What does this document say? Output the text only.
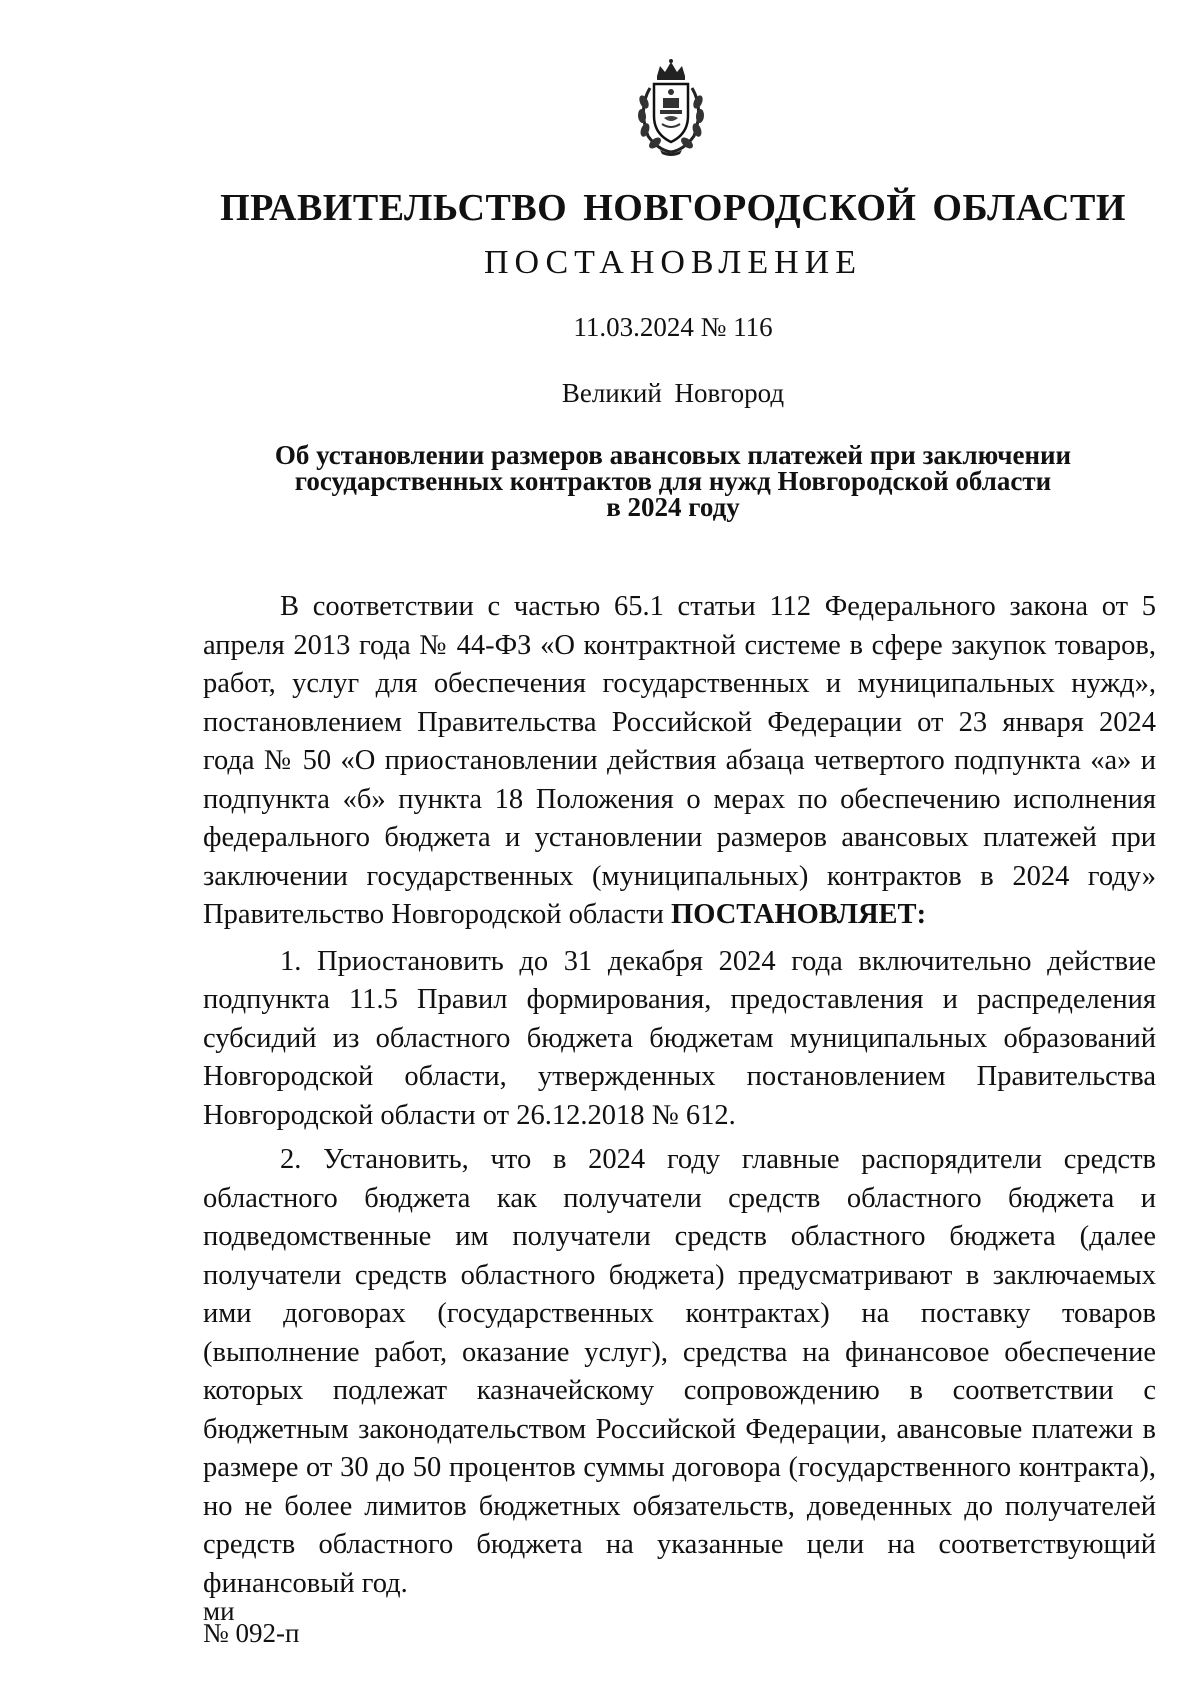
ПРАВИТЕЛЬСТВО НОВГОРОДСКОЙ ОБЛАСТИ
ПОСТАНОВЛЕНИЕ
11.03.2024 № 116
Великий Новгород
Об установлении размеров авансовых платежей при заключении
государственных контрактов для нужд Новгородской области
в 2024 году

В соответствии с частью 65.1 статьи 112 Федерального закона от 5 апреля 2013 года № 44-ФЗ «О контрактной системе в сфере закупок товаров, работ, услуг для обеспечения государственных и муниципальных нужд», постановлением Правительства Российской Федерации от 23 января 2024 года № 50 «О приостановлении действия абзаца четвертого подпункта «а» и подпункта «б» пункта 18 Положения о мерах по обеспечению исполнения федерального бюджета и установлении размеров авансовых платежей при заключении государственных (муниципальных) контрактов в 2024 году» Правительство Новгородской области ПОСТАНОВЛЯЕТ:

1. Приостановить до 31 декабря 2024 года включительно действие подпункта 11.5 Правил формирования, предоставления и распределения субсидий из областного бюджета бюджетам муниципальных образований Новгородской области, утвержденных постановлением Правительства Новгородской области от 26.12.2018 № 612.

2. Установить, что в 2024 году главные распорядители средств областного бюджета как получатели средств областного бюджета и подведомственные им получатели средств областного бюджета (далее получатели средств областного бюджета) предусматривают в заключаемых ими договорах (государственных контрактах) на поставку товаров (выполнение работ, оказание услуг), средства на финансовое обеспечение которых подлежат казначейскому сопровождению в соответствии с бюджетным законодательством Российской Федерации, авансовые платежи в размере от 30 до 50 процентов суммы договора (государственного контракта), но не более лимитов бюджетных обязательств, доведенных до получателей средств областного бюджета на указанные цели на соответствующий финансовый год.

ми
№ 092-п
